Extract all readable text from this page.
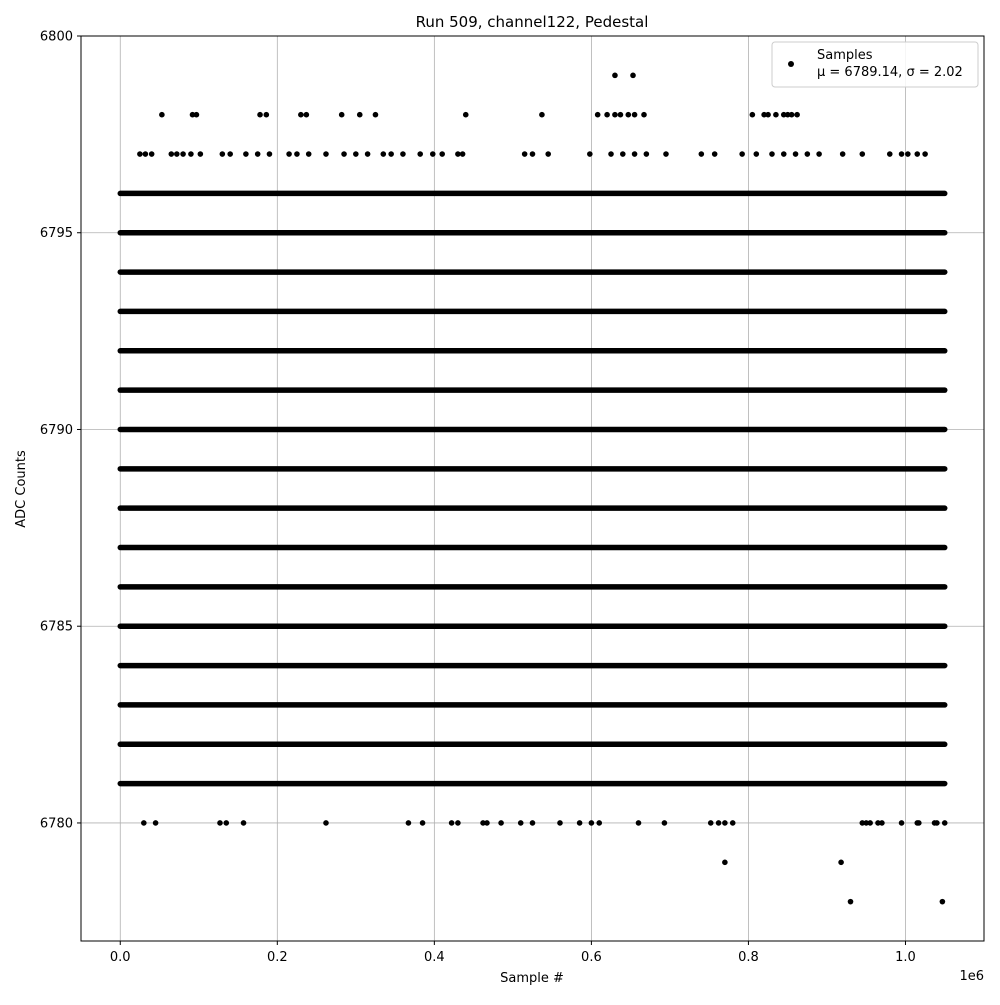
0.0	0.2	0.4	0.6	0.8	1.0
6780
6785
6790
6795
6800
Run 509, channel122, Pedestal
Sample #
ADC Counts
1e6
Samples
μ = 6789.14, σ = 2.02
